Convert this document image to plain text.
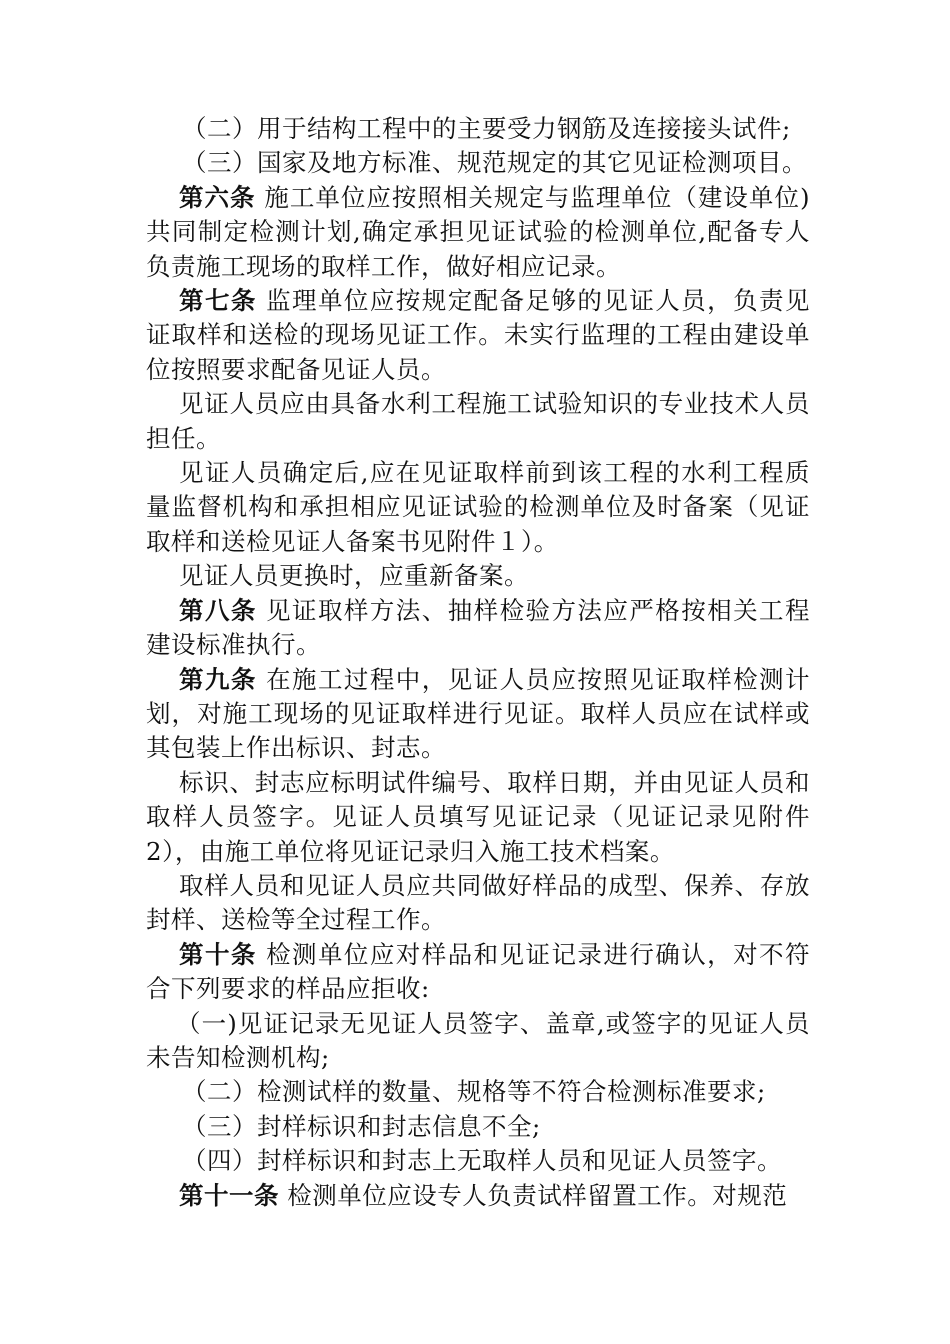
（二）用于结构工程中的主要受力钢筋及连接接头试件;

（三）国家及地方标准、规范规定的其它见证检测项目。

第六条 施工单位应按照相关规定与监理单位（建设单位)共同制定检测计划,确定承担见证试验的检测单位,配备专人负责施工现场的取样工作，做好相应记录。

第七条 监理单位应按规定配备足够的见证人员，负责见证取样和送检的现场见证工作。未实行监理的工程由建设单位按照要求配备见证人员。

见证人员应由具备水利工程施工试验知识的专业技术人员担任。

见证人员确定后,应在见证取样前到该工程的水利工程质量监督机构和承担相应见证试验的检测单位及时备案（见证取样和送检见证人备案书见附件１）。

见证人员更换时，应重新备案。

第八条 见证取样方法、抽样检验方法应严格按相关工程建设标准执行。

第九条 在施工过程中，见证人员应按照见证取样检测计划，对施工现场的见证取样进行见证。取样人员应在试样或其包装上作出标识、封志。

标识、封志应标明试件编号、取样日期，并由见证人员和取样人员签字。见证人员填写见证记录（见证记录见附件2），由施工单位将见证记录归入施工技术档案。

取样人员和见证人员应共同做好样品的成型、保养、存放封样、送检等全过程工作。

第十条 检测单位应对样品和见证记录进行确认，对不符合下列要求的样品应拒收:

（一)见证记录无见证人员签字、盖章,或签字的见证人员未告知检测机构;

（二）检测试样的数量、规格等不符合检测标准要求;

（三）封样标识和封志信息不全;

（四）封样标识和封志上无取样人员和见证人员签字。

第十一条 检测单位应设专人负责试样留置工作。对规范
